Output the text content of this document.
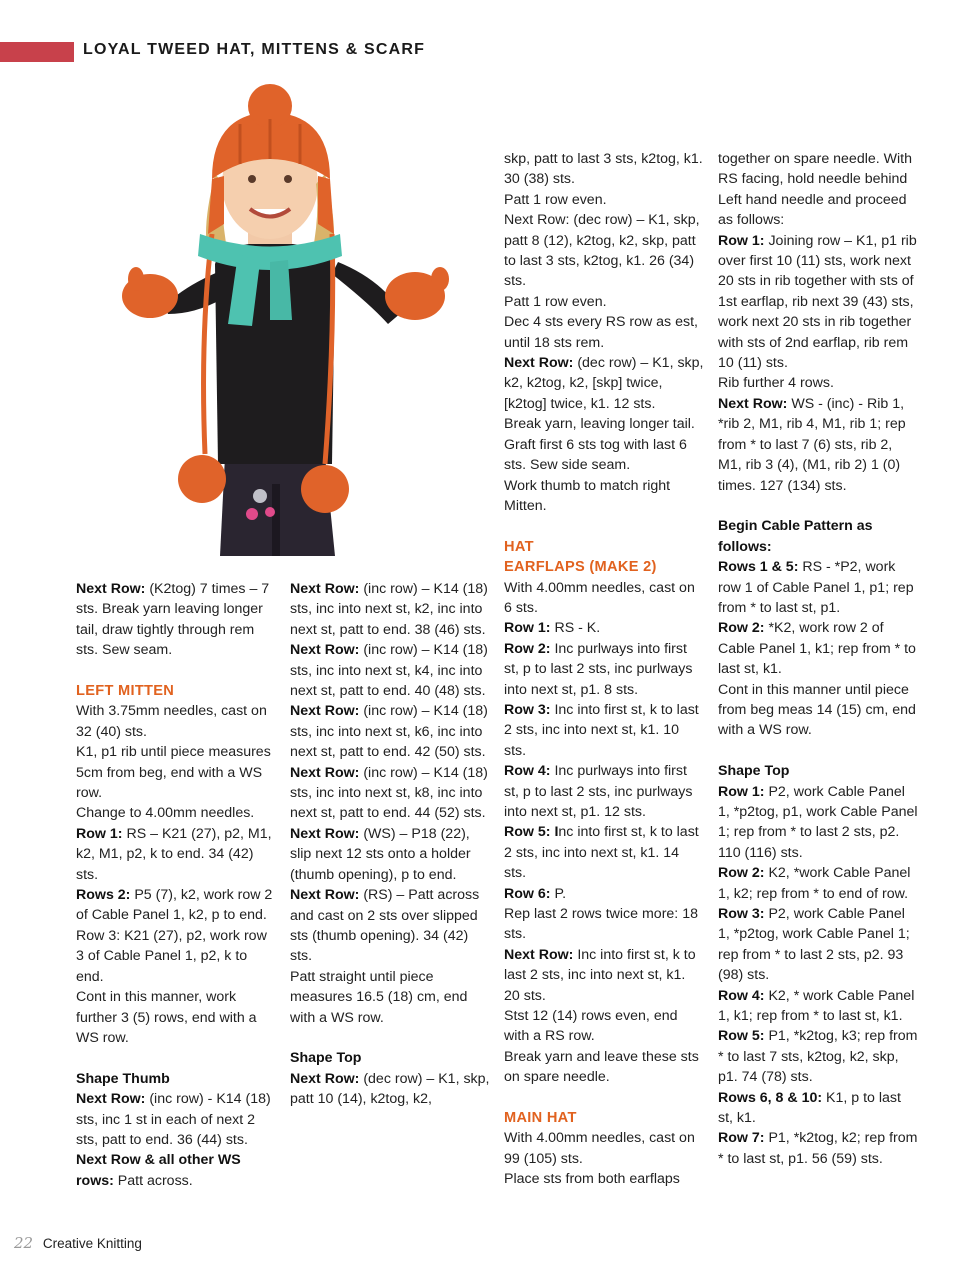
LOYAL TWEED HAT, MITTENS & SCARF
Next Row: (K2tog) 7 times – 7 sts. Break yarn leaving longer tail, draw tightly through rem sts. Sew seam.
LEFT MITTEN
With 3.75mm needles, cast on 32 (40) sts.
K1, p1 rib until piece measures 5cm from beg, end with a WS row.
Change to 4.00mm needles.
Row 1: RS – K21 (27), p2, M1, k2, M1, p2, k to end. 34 (42) sts.
Rows 2: P5 (7), k2, work row 2 of Cable Panel 1, k2, p to end.
Row 3: K21 (27), p2, work row 3 of Cable Panel 1, p2, k to end.
Cont in this manner, work further 3 (5) rows, end with a WS row.
Shape Thumb
Next Row: (inc row) - K14 (18) sts, inc 1 st in each of next 2 sts, patt to end. 36 (44) sts.
Next Row & all other WS rows: Patt across.
Next Row: (inc row) – K14 (18) sts, inc into next st, k2, inc into next st, patt to end. 38 (46) sts.
Next Row: (inc row) – K14 (18) sts, inc into next st, k4, inc into next st, patt to end. 40 (48) sts.
Next Row: (inc row) – K14 (18) sts, inc into next st, k6, inc into next st, patt to end. 42 (50) sts.
Next Row: (inc row) – K14 (18) sts, inc into next st, k8, inc into next st, patt to end. 44 (52) sts.
Next Row: (WS) – P18 (22), slip next 12 sts onto a holder (thumb opening), p to end.
Next Row: (RS) – Patt across and cast on 2 sts over slipped sts (thumb opening). 34 (42) sts.
Patt straight until piece measures 16.5 (18) cm, end with a WS row.
Shape Top
Next Row: (dec row) – K1, skp, patt 10 (14), k2tog, k2,
skp, patt to last 3 sts, k2tog, k1. 30 (38) sts.
Patt 1 row even.
Next Row: (dec row) – K1, skp, patt 8 (12), k2tog, k2, skp, patt to last 3 sts, k2tog, k1. 26 (34) sts.
Patt 1 row even.
Dec 4 sts every RS row as est, until 18 sts rem.
Next Row: (dec row) – K1, skp, k2, k2tog, k2, [skp] twice, [k2tog] twice, k1. 12 sts.
Break yarn, leaving longer tail. Graft first 6 sts tog with last 6 sts. Sew side seam.
Work thumb to match right Mitten.
HAT
EARFLAPS (MAKE 2)
With 4.00mm needles, cast on 6 sts.
Row 1: RS - K.
Row 2: Inc purlways into first st, p to last 2 sts, inc purlways into next st, p1. 8 sts.
Row 3: Inc into first st, k to last 2 sts, inc into next st, k1. 10 sts.
Row 4: Inc purlways into first st, p to last 2 sts, inc purlways into next st, p1. 12 sts.
Row 5: Inc into first st, k to last 2 sts, inc into next st, k1. 14 sts.
Row 6: P.
Rep last 2 rows twice more: 18 sts.
Next Row: Inc into first st, k to last 2 sts, inc into next st, k1. 20 sts.
Stst 12 (14) rows even, end with a RS row.
Break yarn and leave these sts on spare needle.
MAIN HAT
With 4.00mm needles, cast on 99 (105) sts.
Place sts from both earflaps
together on spare needle. With RS facing, hold needle behind Left hand needle and proceed as follows:
Row 1: Joining row – K1, p1 rib over first 10 (11) sts, work next 20 sts in rib together with sts of 1st earflap, rib next 39 (43) sts, work next 20 sts in rib together with sts of 2nd earflap, rib rem 10 (11) sts.
Rib further 4 rows.
Next Row: WS - (inc) - Rib 1, *rib 2, M1, rib 4, M1, rib 1; rep from * to last 7 (6) sts, rib 2, M1, rib 3 (4), (M1, rib 2) 1 (0) times. 127 (134) sts.
Begin Cable Pattern as follows:
Rows 1 & 5: RS - *P2, work row 1 of Cable Panel 1, p1; rep from * to last st, p1.
Row 2: *K2, work row 2 of Cable Panel 1, k1; rep from * to last st, k1.
Cont in this manner until piece from beg meas 14 (15) cm, end with a WS row.
Shape Top
Row 1: P2, work Cable Panel 1, *p2tog, p1, work Cable Panel 1; rep from * to last 2 sts, p2. 110 (116) sts.
Row 2: K2, *work Cable Panel 1, k2; rep from * to end of row.
Row 3: P2, work Cable Panel 1, *p2tog, work Cable Panel 1; rep from * to last 2 sts, p2. 93 (98) sts.
Row 4: K2, * work Cable Panel 1, k1; rep from * to last st, k1.
Row 5: P1, *k2tog, k3; rep from * to last 7 sts, k2tog, k2, skp, p1. 74 (78) sts.
Rows 6, 8 & 10: K1, p to last st, k1.
Row 7: P1, *k2tog, k2; rep from * to last st, p1. 56 (59) sts.
22 Creative Knitting
